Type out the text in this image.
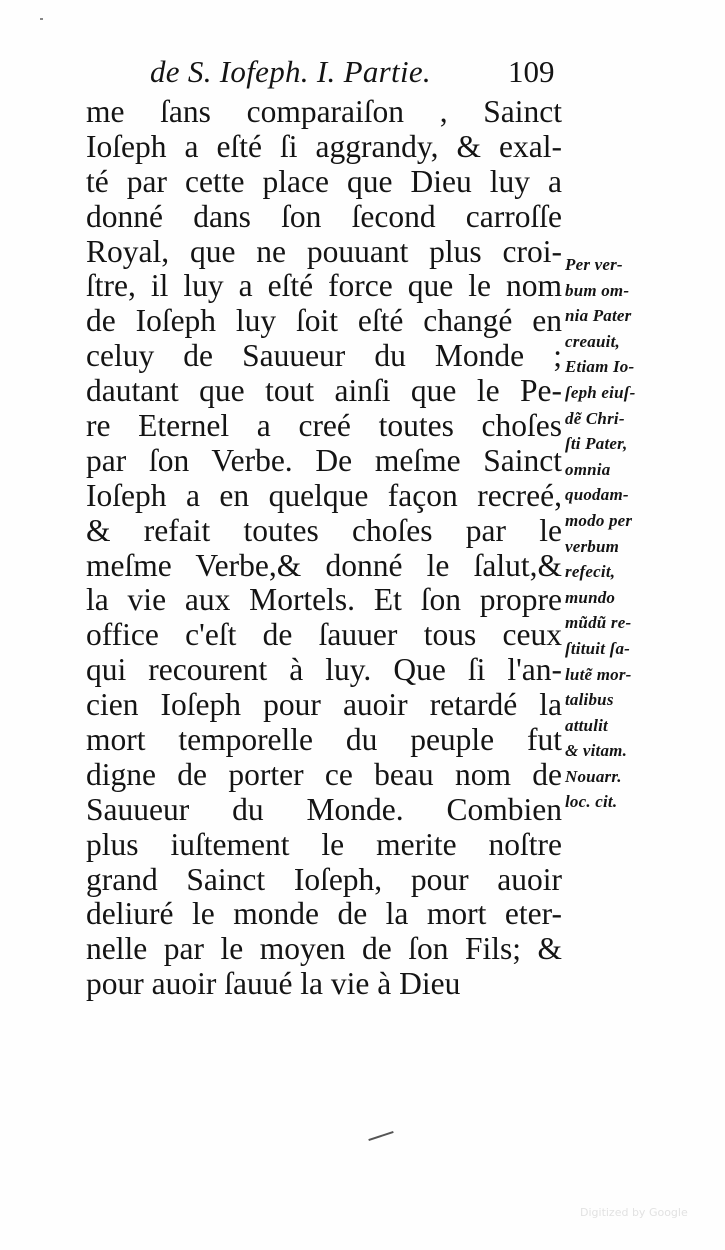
de S. Iofeph. I. Partie. 109
me ſans comparaiſon , Sainct
Ioſeph a eſté ſi aggrandy, & exal-
té par cette place que Dieu luy a
donné dans ſon ſecond carroſſe
Royal, que ne pouuant plus croi-
ſtre, il luy a eſté force que le nom
de Ioſeph luy ſoit eſté changé en
celuy de Sauueur du Monde ;
dautant que tout ainſi que le Pe-
re Eternel a creé toutes choſes
par ſon Verbe. De meſme Sainct
Ioſeph a en quelque façon recreé,
& refait toutes choſes par le
meſme Verbe,& donné le ſalut,&
la vie aux Mortels. Et ſon propre
office c'eſt de ſauuer tous ceux
qui recourent à luy. Que ſi l'an-
cien Ioſeph pour auoir retardé la
mort temporelle du peuple fut
digne de porter ce beau nom de
Sauueur du Monde. Combien
plus iuſtement le merite noſtre
grand Sainct Ioſeph, pour auoir
deliuré le monde de la mort eter-
nelle par le moyen de ſon Fils; &
pour auoir ſauué la vie à Dieu
Per ver-
bum om-
nia Pater
creauit,
Etiam Io-
ſeph eiuſ-
dẽ Chri-
ſti Pater,
omnia
quodam-
modo per
verbum
refecit,
mundo
mũdũ re-
ſtituit ſa-
lutẽ mor-
talibus
attulit
& vitam.
Nouarr.
loc. cit.
Digitized by Google
